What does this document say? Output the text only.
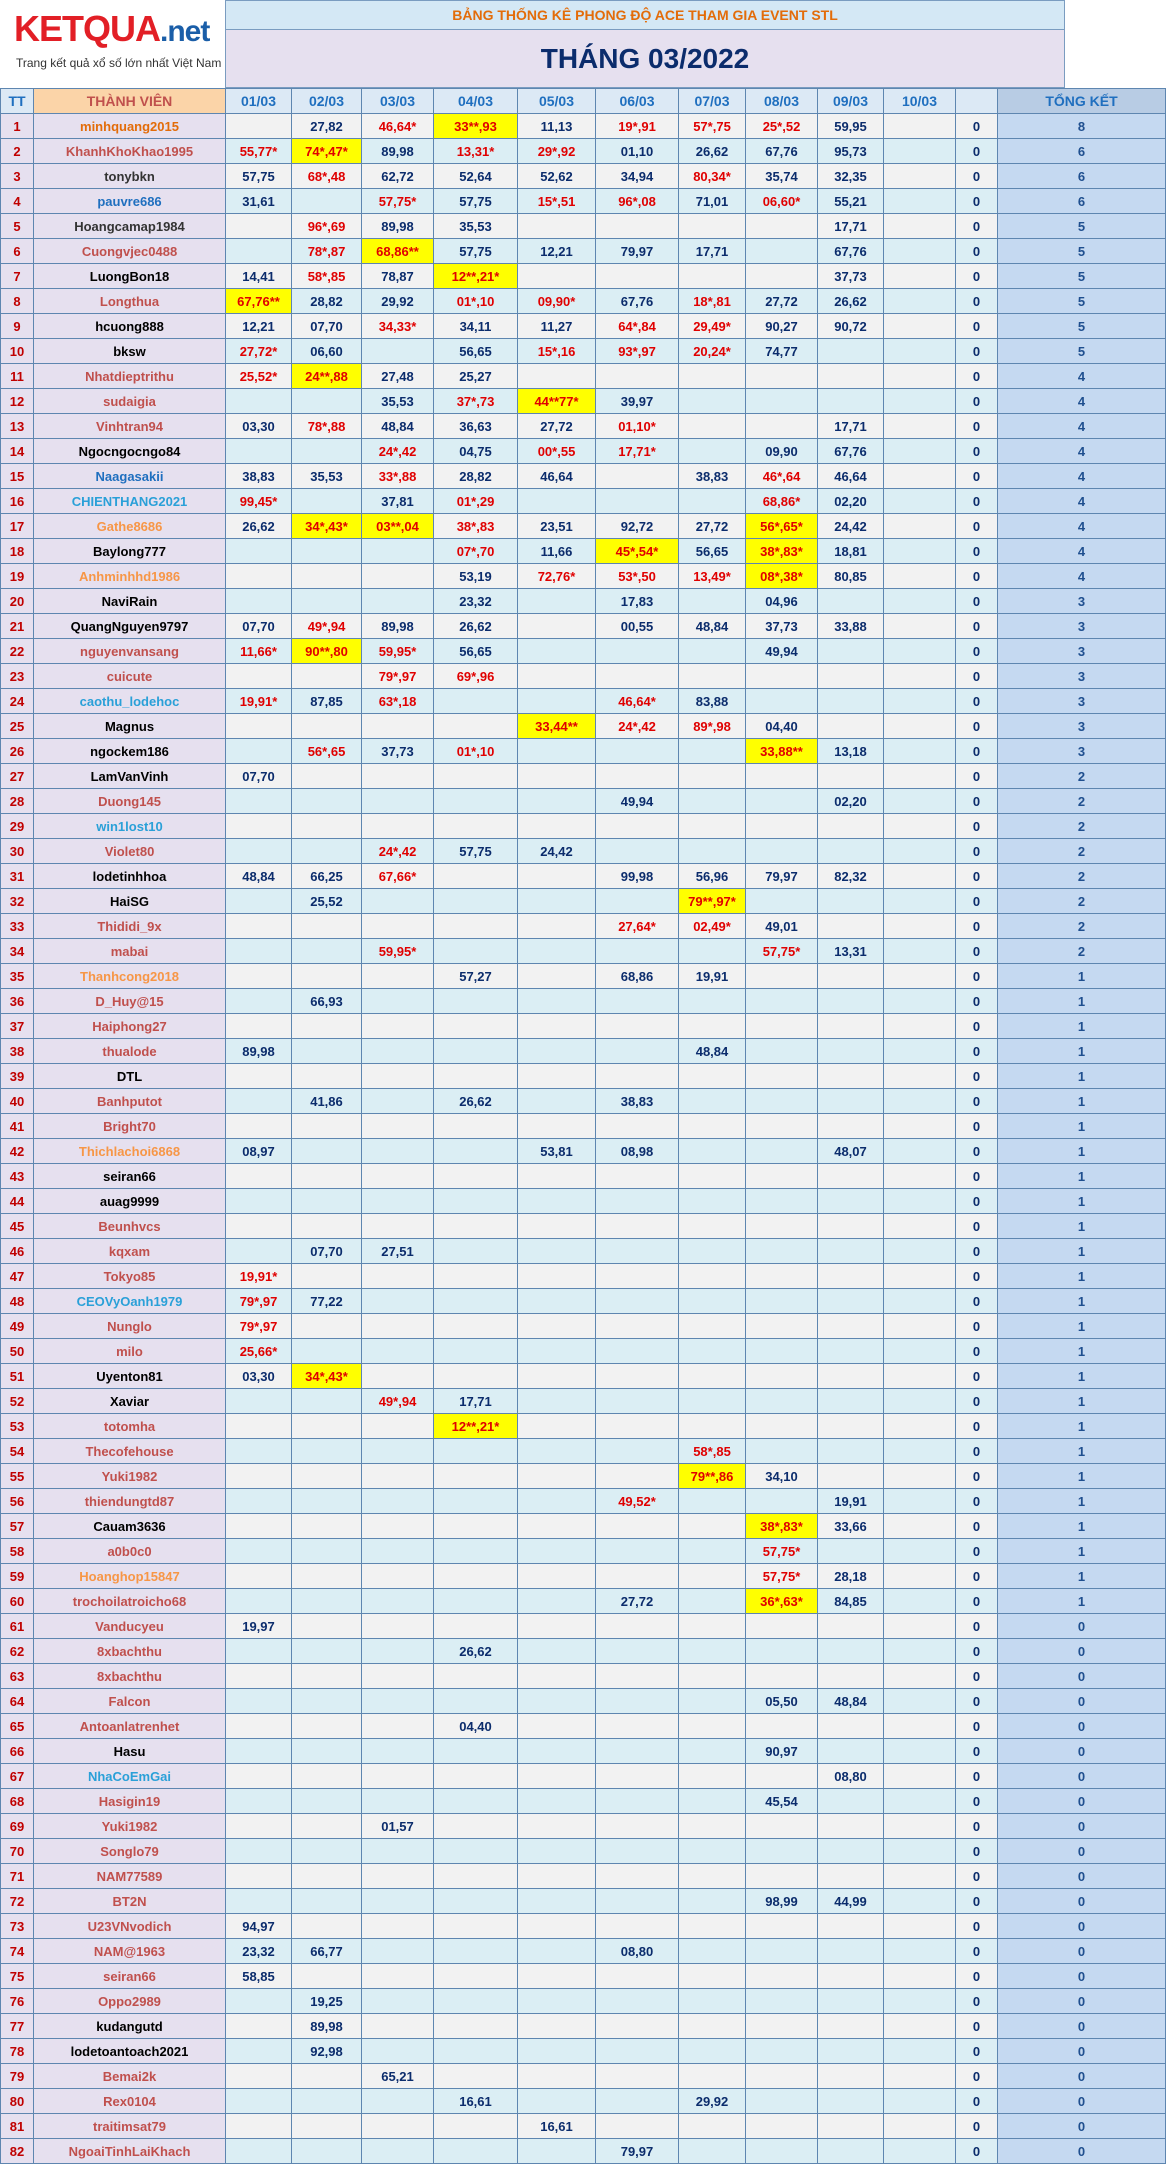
KETQUA.net
Trang kết quả xổ số lớn nhất Việt Nam
BẢNG THỐNG KÊ PHONG ĐỘ ACE THAM GIA EVENT STL
THÁNG 03/2022
TT	THÀNH VIÊN	01/03	02/03	03/03	04/03	05/03	06/03	07/03	08/03	09/03	10/03		TỔNG KẾT
1	minhquang2015		27,82	46,64*	33**,93	11,13	19*,91	57*,75	25*,52	59,95		0	8
2	KhanhKhoKhao1995	55,77*	74*,47*	89,98	13,31*	29*,92	01,10	26,62	67,76	95,73		0	6
3	tonybkn	57,75	68*,48	62,72	52,64	52,62	34,94	80,34*	35,74	32,35		0	6
4	pauvre686	31,61		57,75*	57,75	15*,51	96*,08	71,01	06,60*	55,21		0	6
5	Hoangcamap1984		96*,69	89,98	35,53					17,71		0	5
6	Cuongvjec0488		78*,87	68,86**	57,75	12,21	79,97	17,71		67,76		0	5
7	LuongBon18	14,41	58*,85	78,87	12**,21*					37,73		0	5
8	Longthua	67,76**	28,82	29,92	01*,10	09,90*	67,76	18*,81	27,72	26,62		0	5
9	hcuong888	12,21	07,70	34,33*	34,11	11,27	64*,84	29,49*	90,27	90,72		0	5
10	bksw	27,72*	06,60		56,65	15*,16	93*,97	20,24*	74,77			0	5
11	Nhatdieptrithu	25,52*	24**,88	27,48	25,27							0	4
12	sudaigia			35,53	37*,73	44**77*	39,97					0	4
13	Vinhtran94	03,30	78*,88	48,84	36,63	27,72	01,10*			17,71		0	4
14	Ngocngocngo84			24*,42	04,75	00*,55	17,71*		09,90	67,76		0	4
15	Naagasakii	38,83	35,53	33*,88	28,82	46,64		38,83	46*,64	46,64		0	4
16	CHIENTHANG2021	99,45*		37,81	01*,29				68,86*	02,20		0	4
17	Gathe8686	26,62	34*,43*	03**,04	38*,83	23,51	92,72	27,72	56*,65*	24,42		0	4
18	Baylong777				07*,70	11,66	45*,54*	56,65	38*,83*	18,81		0	4
19	Anhminhhd1986				53,19	72,76*	53*,50	13,49*	08*,38*	80,85		0	4
20	NaviRain				23,32		17,83		04,96			0	3
21	QuangNguyen9797	07,70	49*,94	89,98	26,62		00,55	48,84	37,73	33,88		0	3
22	nguyenvansang	11,66*	90**,80	59,95*	56,65				49,94			0	3
23	cuicute			79*,97	69*,96							0	3
24	caothu_lodehoc	19,91*	87,85	63*,18			46,64*	83,88				0	3
25	Magnus					33,44**	24*,42	89*,98	04,40			0	3
26	ngockem186		56*,65	37,73	01*,10				33,88**	13,18		0	3
27	LamVanVinh	07,70										0	2
28	Duong145						49,94			02,20		0	2
29	win1lost10											0	2
30	Violet80			24*,42	57,75	24,42						0	2
31	lodetinhhoa	48,84	66,25	67,66*			99,98	56,96	79,97	82,32		0	2
32	HaiSG		25,52					79**,97*				0	2
33	Thididi_9x						27,64*	02,49*	49,01			0	2
34	mabai			59,95*					57,75*	13,31		0	2
35	Thanhcong2018				57,27		68,86	19,91				0	1
36	D_Huy@15		66,93									0	1
37	Haiphong27											0	1
38	thualode	89,98						48,84				0	1
39	DTL											0	1
40	Banhputot		41,86		26,62		38,83					0	1
41	Bright70											0	1
42	Thichlachoi6868	08,97				53,81	08,98			48,07		0	1
43	seiran66											0	1
44	auag9999											0	1
45	Beunhvcs											0	1
46	kqxam		07,70	27,51								0	1
47	Tokyo85	19,91*										0	1
48	CEOVyOanh1979	79*,97	77,22									0	1
49	Nunglo	79*,97										0	1
50	milo	25,66*										0	1
51	Uyenton81	03,30	34*,43*									0	1
52	Xaviar			49*,94	17,71							0	1
53	totomha				12**,21*							0	1
54	Thecofehouse							58*,85				0	1
55	Yuki1982							79**,86	34,10			0	1
56	thiendungtd87						49,52*			19,91		0	1
57	Cauam3636								38*,83*	33,66		0	1
58	a0b0c0								57,75*			0	1
59	Hoanghop15847								57,75*	28,18		0	1
60	trochoilatroicho68						27,72		36*,63*	84,85		0	1
61	Vanducyeu	19,97										0	0
62	8xbachthu				26,62							0	0
63	8xbachthu											0	0
64	Falcon								05,50	48,84		0	0
65	Antoanlatrenhet				04,40							0	0
66	Hasu								90,97			0	0
67	NhaCoEmGai									08,80		0	0
68	Hasigin19								45,54			0	0
69	Yuki1982			01,57								0	0
70	Songlo79											0	0
71	NAM77589											0	0
72	BT2N								98,99	44,99		0	0
73	U23VNvodich	94,97										0	0
74	NAM@1963	23,32	66,77				08,80					0	0
75	seiran66	58,85										0	0
76	Oppo2989		19,25									0	0
77	kudangutd		89,98									0	0
78	lodetoantoach2021		92,98									0	0
79	Bemai2k			65,21								0	0
80	Rex0104				16,61			29,92				0	0
81	traitimsat79					16,61						0	0
82	NgoaiTinhLaiKhach						79,97					0	0
